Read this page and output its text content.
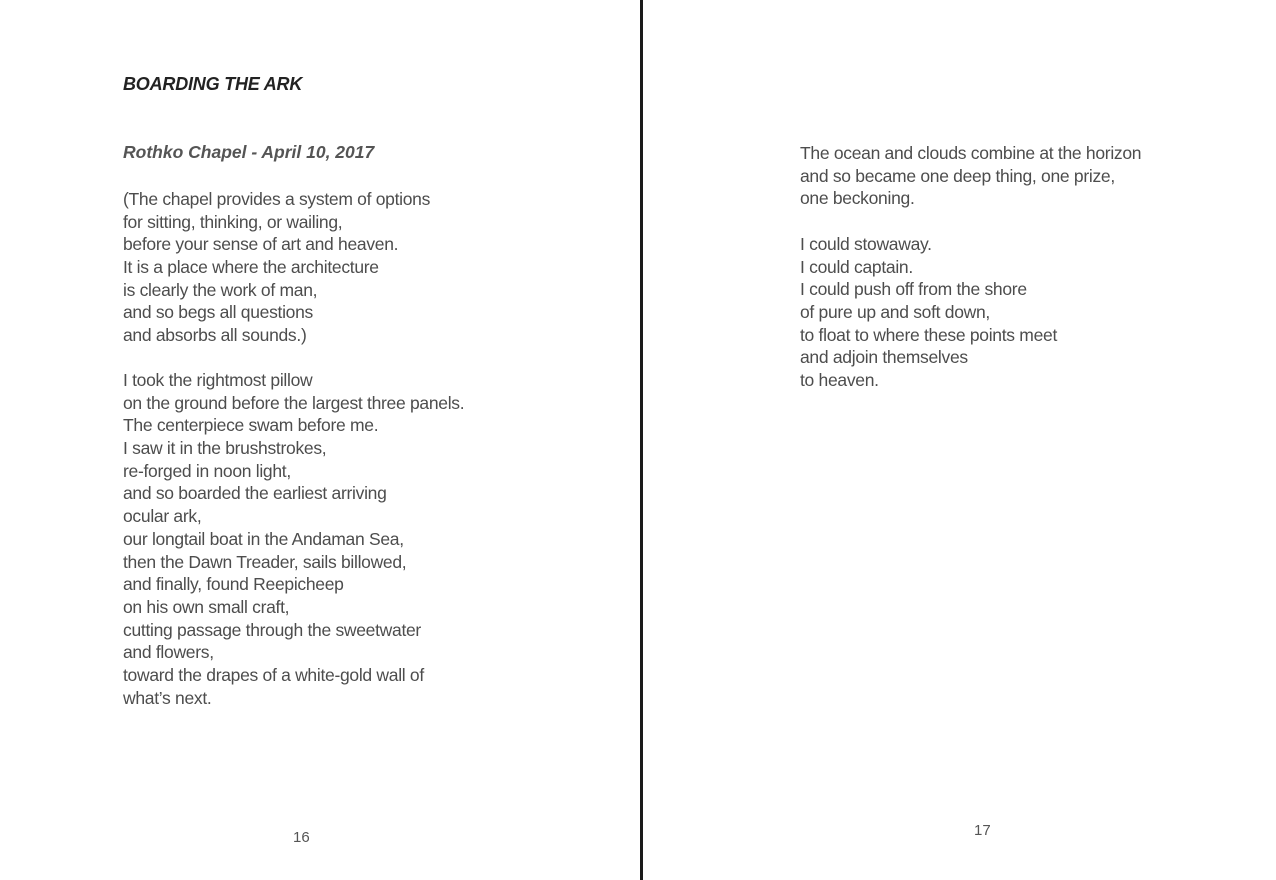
BOARDING THE ARK
Rothko Chapel - April 10, 2017
(The chapel provides a system of options
for sitting, thinking, or wailing,
before your sense of art and heaven.
It is a place where the architecture
is clearly the work of man,
and so begs all questions
and absorbs all sounds.)
I took the rightmost pillow
on the ground before the largest three panels.
The centerpiece swam before me.
I saw it in the brushstrokes,
re-forged in noon light,
and so boarded the earliest arriving
ocular ark,
our longtail boat in the Andaman Sea,
then the Dawn Treader, sails billowed,
and finally, found Reepicheep
on his own small craft,
cutting passage through the sweetwater
and flowers,
toward the drapes of a white-gold wall of
what’s next.
16
The ocean and clouds combine at the horizon
and so became one deep thing, one prize,
one beckoning.
I could stowaway.
I could captain.
I could push off from the shore
of pure up and soft down,
to float to where these points meet
and adjoin themselves
to heaven.
17
